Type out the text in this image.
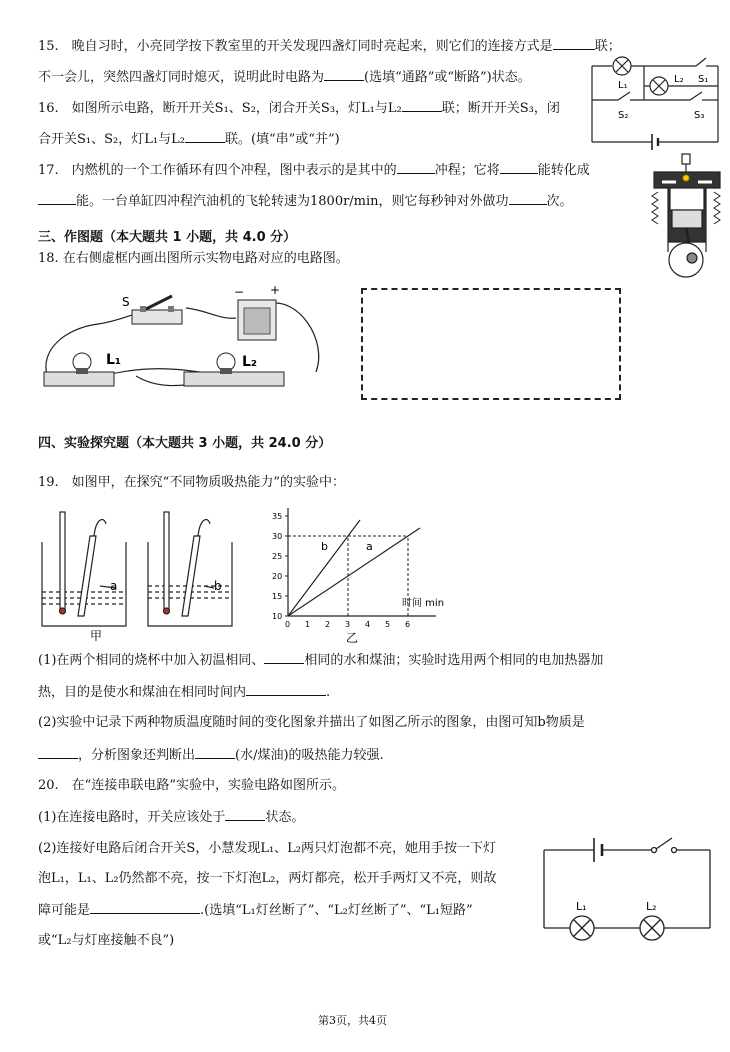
15.　晚自习时，小亮同学按下教室里的开关发现四盏灯同时亮起来，则它们的连接方式是	联；
不一会儿，突然四盏灯同时熄灭，说明此时电路为	(选填“通路”或“断路”)状态。
16.　如图所示电路，断开开关S₁、S₂，闭合开关S₃，灯L₁与L₂	联；断开开关S₃，闭
合开关S₁、S₂，灯L₁与L₂	联。(填“串”或“并”)
17.　内燃机的一个工作循环有四个冲程，图中表示的是其中的	冲程；它将	能转化成
能。一台单缸四冲程汽油机的飞轮转速为1800r/min，则它每秒钟对外做功	次。
L₁
L₂ S₁
S₂	S₃
三、作图题（本大题共 1 小题，共 4.0 分）
18. 在右侧虚框内画出图所示实物电路对应的电路图。
S
− +
L₁	L₂
四、实验探究题（本大题共 3 小题，共 24.0 分）
19.　如图甲，在探究“不同物质吸热能力”的实验中：
a	b
甲
0 1 2 3 4 5 6
10
15
20
25
30
35
时间 min
b	a
乙
(1)在两个相同的烧杯中加入初温相同、	相同的水和煤油；实验时选用两个相同的电加热器加
热，目的是使水和煤油在相同时间内	.
(2)实验中记录下两种物质温度随时间的变化图象并描出了如图乙所示的图象，由图可知b物质是
，分析图象还判断出	(水/煤油)的吸热能力较强.
20.　在“连接串联电路”实验中，实验电路如图所示。
(1)在连接电路时，开关应该处于	状态。
(2)连接好电路后闭合开关S，小慧发现L₁、L₂两只灯泡都不亮，她用手按一下灯
泡L₁，L₁、L₂仍然都不亮，按一下灯泡L₂，两灯都亮，松开手两灯又不亮，则故
障可能是	.(选填“L₁灯丝断了”、“L₂灯丝断了”、“L₁短路”
或“L₂与灯座接触不良”)
L₁	L₂
第3页，共4页
